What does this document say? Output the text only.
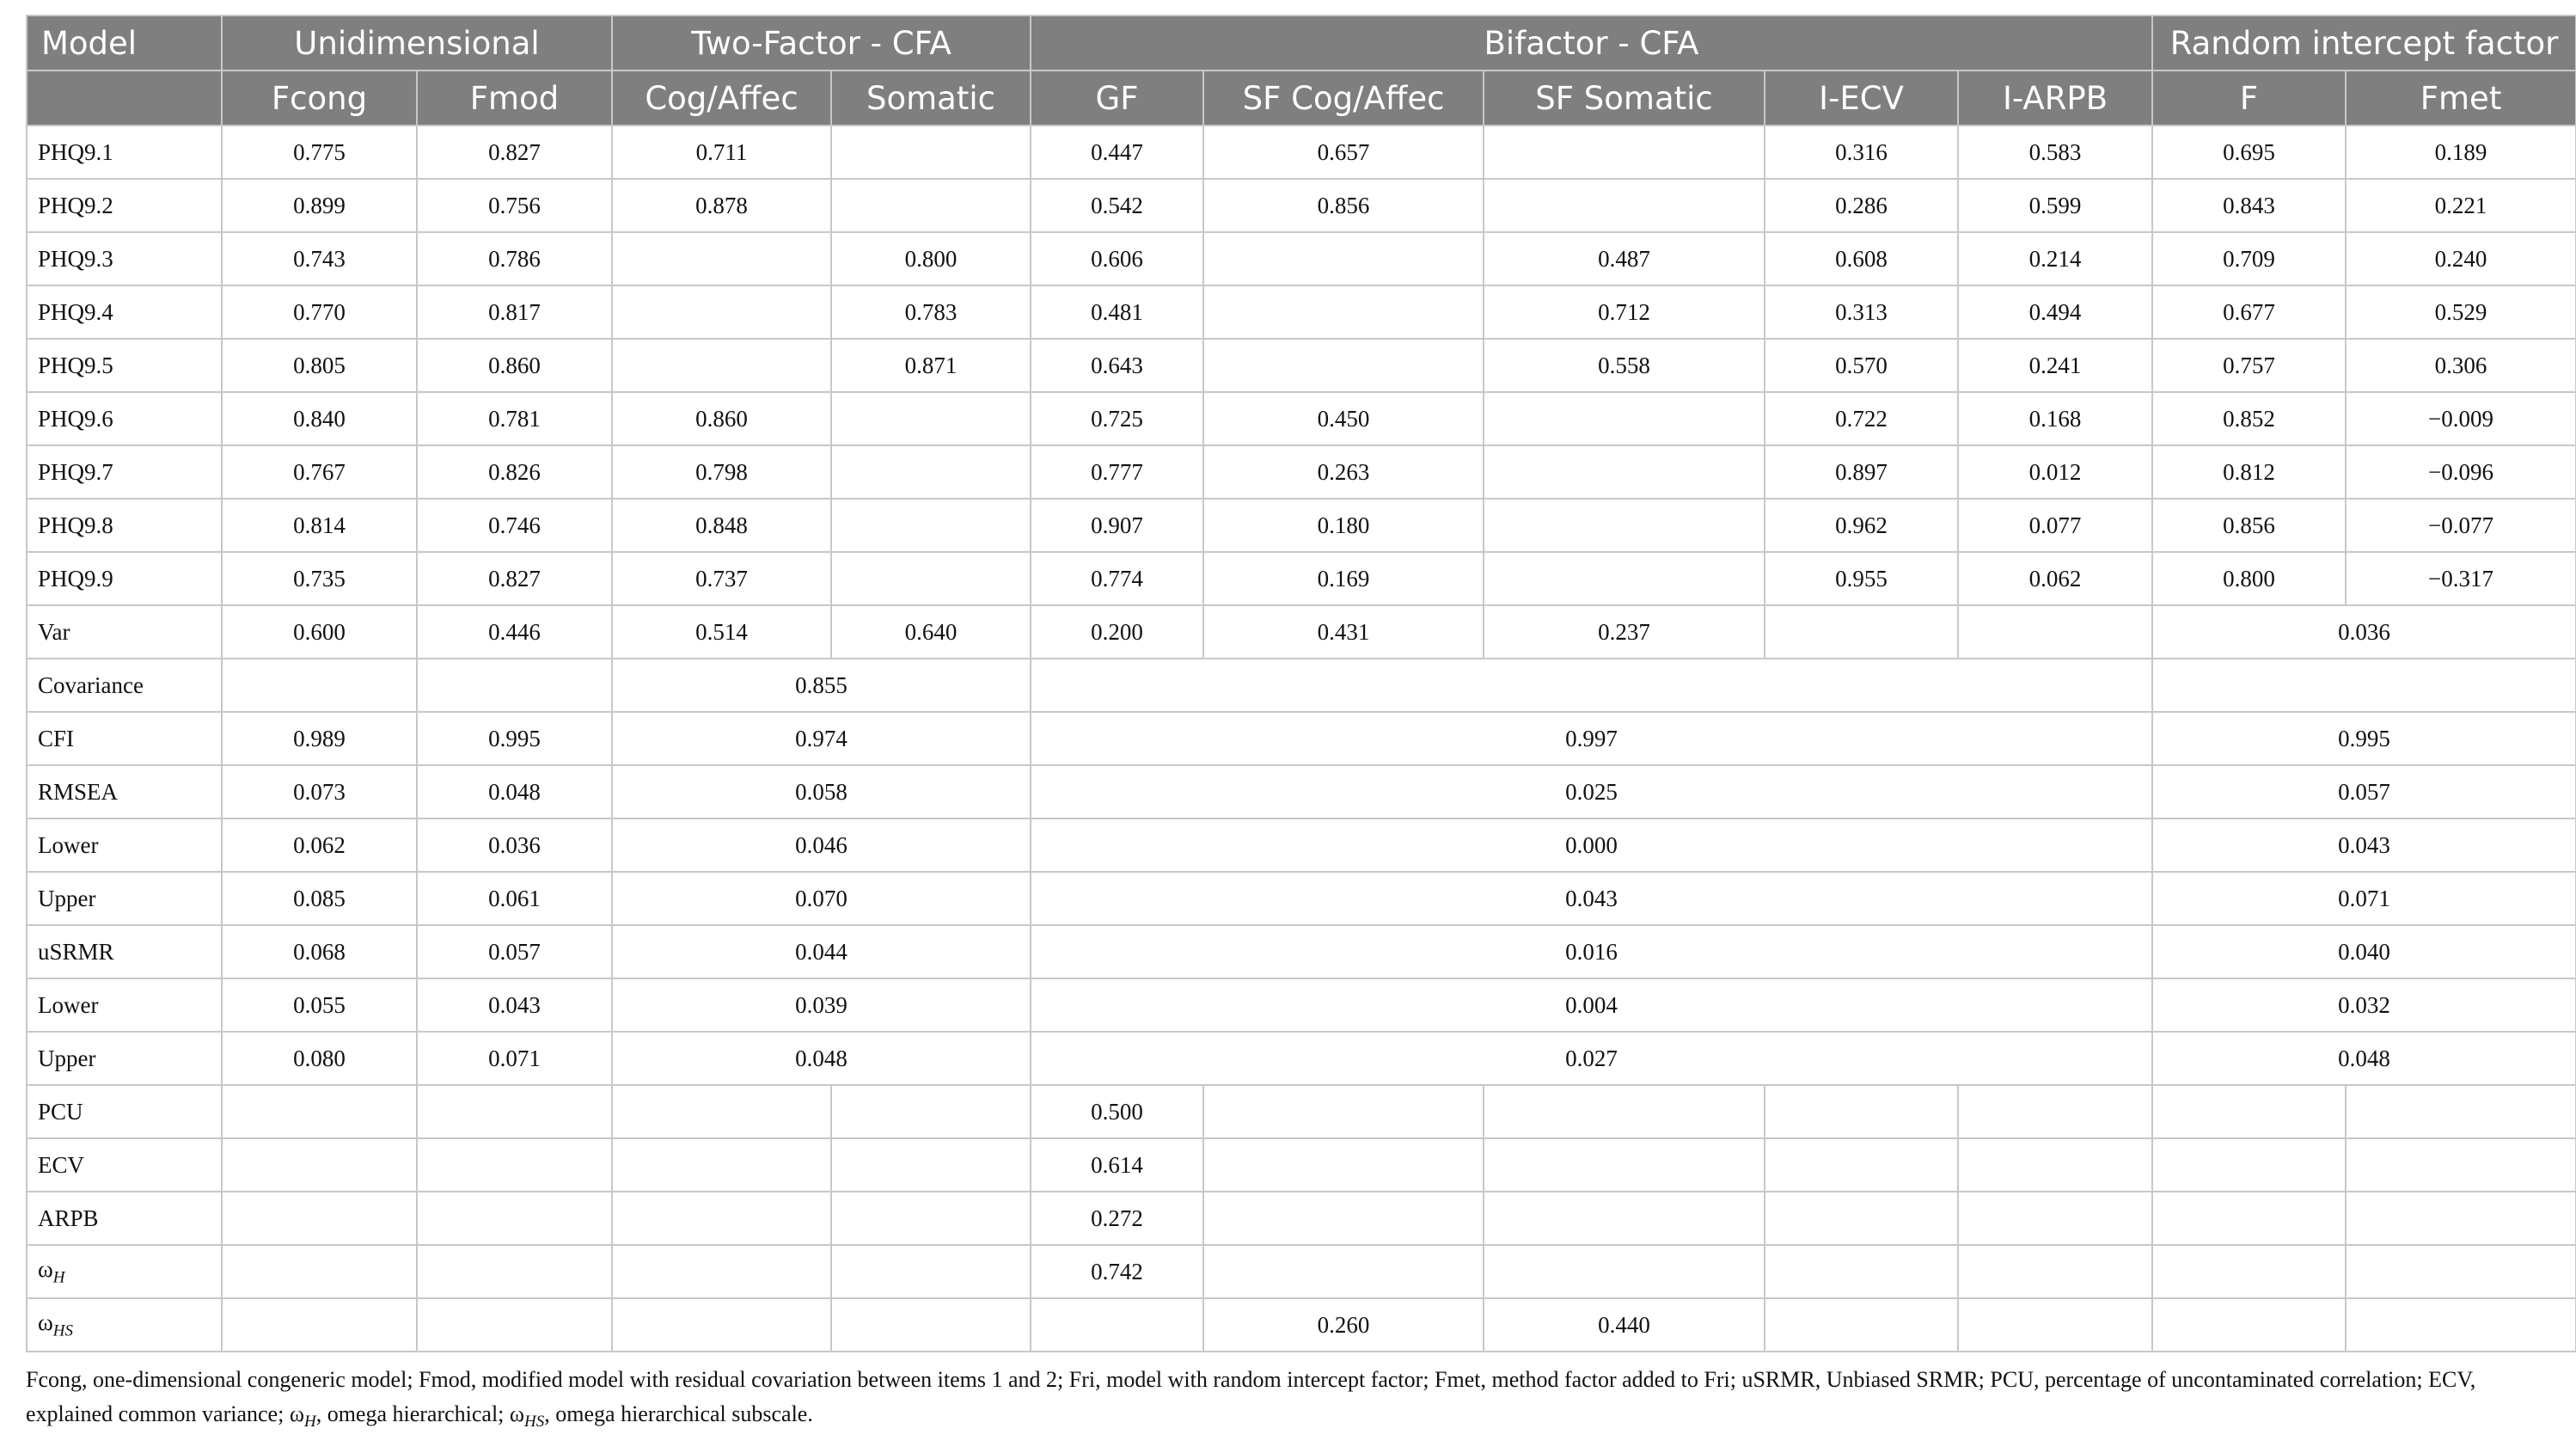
Model	Unidimensional		Two-Factor - CFA		Bifactor - CFA					Random intercept factor	
	Fcong	Fmod	Cog/Affec	Somatic	GF	SF Cog/Affec	SF Somatic	I-ECV	I-ARPB	F	Fmet
PHQ9.1	0.775	0.827	0.711		0.447	0.657		0.316	0.583	0.695	0.189
PHQ9.2	0.899	0.756	0.878		0.542	0.856		0.286	0.599	0.843	0.221
PHQ9.3	0.743	0.786		0.800	0.606		0.487	0.608	0.214	0.709	0.240
PHQ9.4	0.770	0.817		0.783	0.481		0.712	0.313	0.494	0.677	0.529
PHQ9.5	0.805	0.860		0.871	0.643		0.558	0.570	0.241	0.757	0.306
PHQ9.6	0.840	0.781	0.860		0.725	0.450		0.722	0.168	0.852	−0.009
PHQ9.7	0.767	0.826	0.798		0.777	0.263		0.897	0.012	0.812	−0.096
PHQ9.8	0.814	0.746	0.848		0.907	0.180		0.962	0.077	0.856	−0.077
PHQ9.9	0.735	0.827	0.737		0.774	0.169		0.955	0.062	0.800	−0.317
Var	0.600	0.446	0.514	0.640	0.200	0.431	0.237			0.036	
Covariance			0.855								
CFI	0.989	0.995	0.974		0.997					0.995	
RMSEA	0.073	0.048	0.058		0.025					0.057	
Lower	0.062	0.036	0.046		0.000					0.043	
Upper	0.085	0.061	0.070		0.043					0.071	
uSRMR	0.068	0.057	0.044		0.016					0.040	
Lower	0.055	0.043	0.039		0.004					0.032	
Upper	0.080	0.071	0.048		0.027					0.048	
PCU					0.500						
ECV					0.614						
ARPB					0.272						
$\omega_H$					0.742						
$\omega_{HS}$						0.260	0.440				
Fcong, one-dimensional congeneric model; Fmod, modified model with residual covariation between items 1 and 2; Fri, model with random intercept factor; Fmet, method factor added to Fri; uSRMR, Unbiased SRMR; PCU, percentage of uncontaminated correlation; ECV, explained common variance; $\omega_H$, omega hierarchical; $\omega_{HS}$, omega hierarchical subscale.
